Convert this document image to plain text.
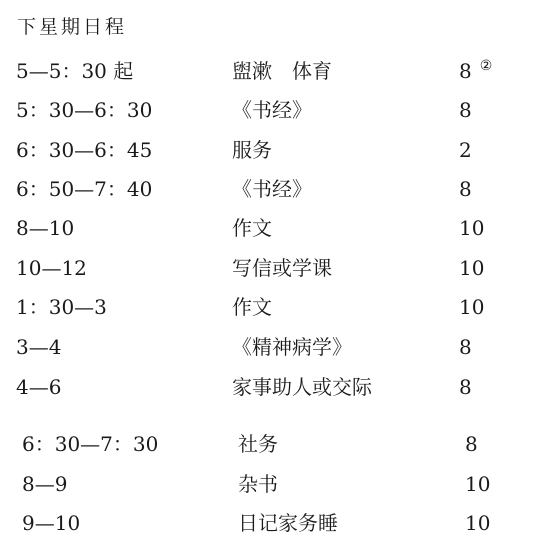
下星期日程
5—5：30 起	盥漱　体育	8 ②
5：30—6：30	《书经》	8
6：30—6：45	服务	2
6：50—7：40	《书经》	8
8—10	作文	10
10—12	写信或学课	10
1：30—3	作文	10
3—4	《精神病学》	8
4—6	家事助人或交际	8
6：30—7：30	社务	8
8—9	杂书	10
9—10	日记家务睡	10
